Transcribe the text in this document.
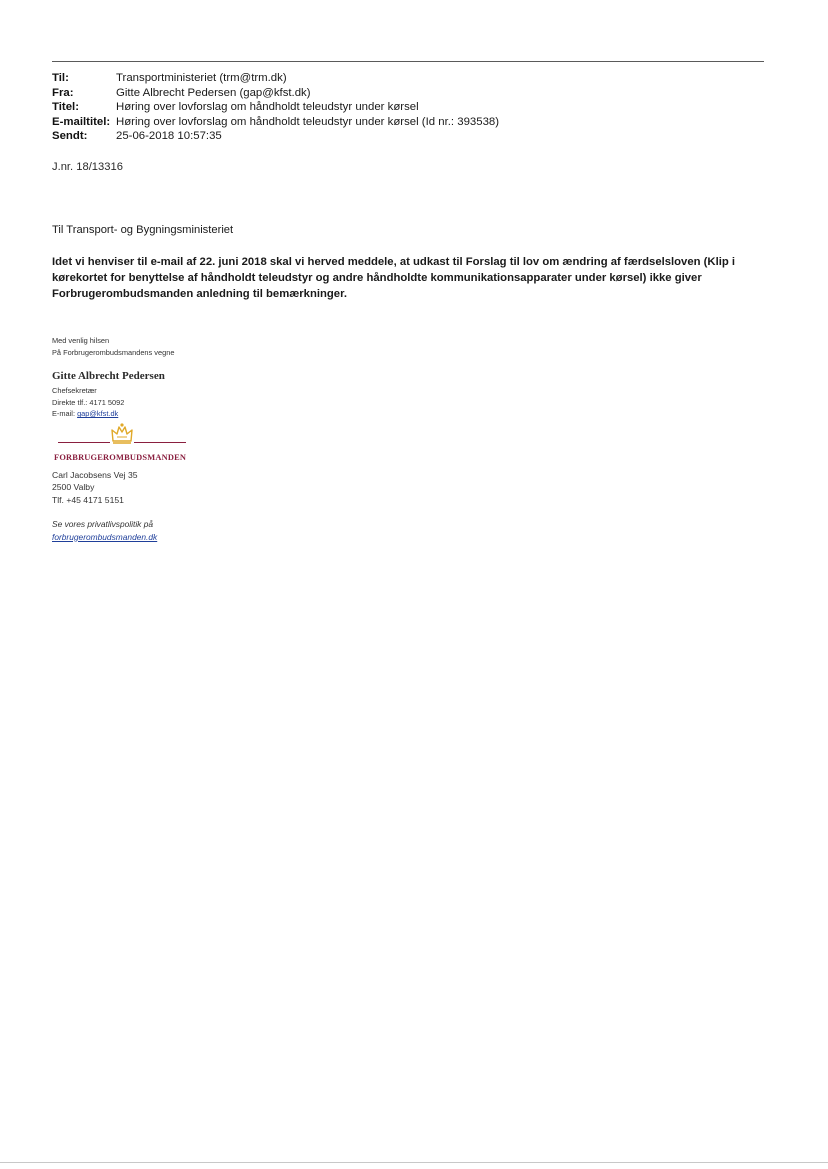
Til:	Transportministeriet (trm@trm.dk)
Fra:	Gitte Albrecht Pedersen (gap@kfst.dk)
Titel:	Høring over lovforslag om håndholdt teleudstyr under kørsel
E-mailtitel: Høring over lovforslag om håndholdt teleudstyr under kørsel (Id nr.: 393538)
Sendt:	25-06-2018 10:57:35
J.nr. 18/13316
Til Transport- og Bygningsministeriet
Idet vi henviser til e-mail af 22. juni 2018 skal vi herved meddele, at udkast til Forslag til lov om ændring af færdselsloven (Klip i
kørekortet for benyttelse af håndholdt teleudstyr og andre håndholdte kommunikationsapparater under kørsel) ikke giver
Forbrugerombudsmanden anledning til bemærkninger.
Med venlig hilsen
På Forbrugerombudsmandens vegne
Gitte Albrecht Pedersen
Chefsekretær
Direkte tlf.: 4171 5092
E-mail: gap@kfst.dk
FORBRUGEROMBUDSMANDEN
Carl Jacobsens Vej 35
2500 Valby
Tlf. +45 4171 5151
Se vores privatlivspolitik på
forbrugerombudsmanden.dk
